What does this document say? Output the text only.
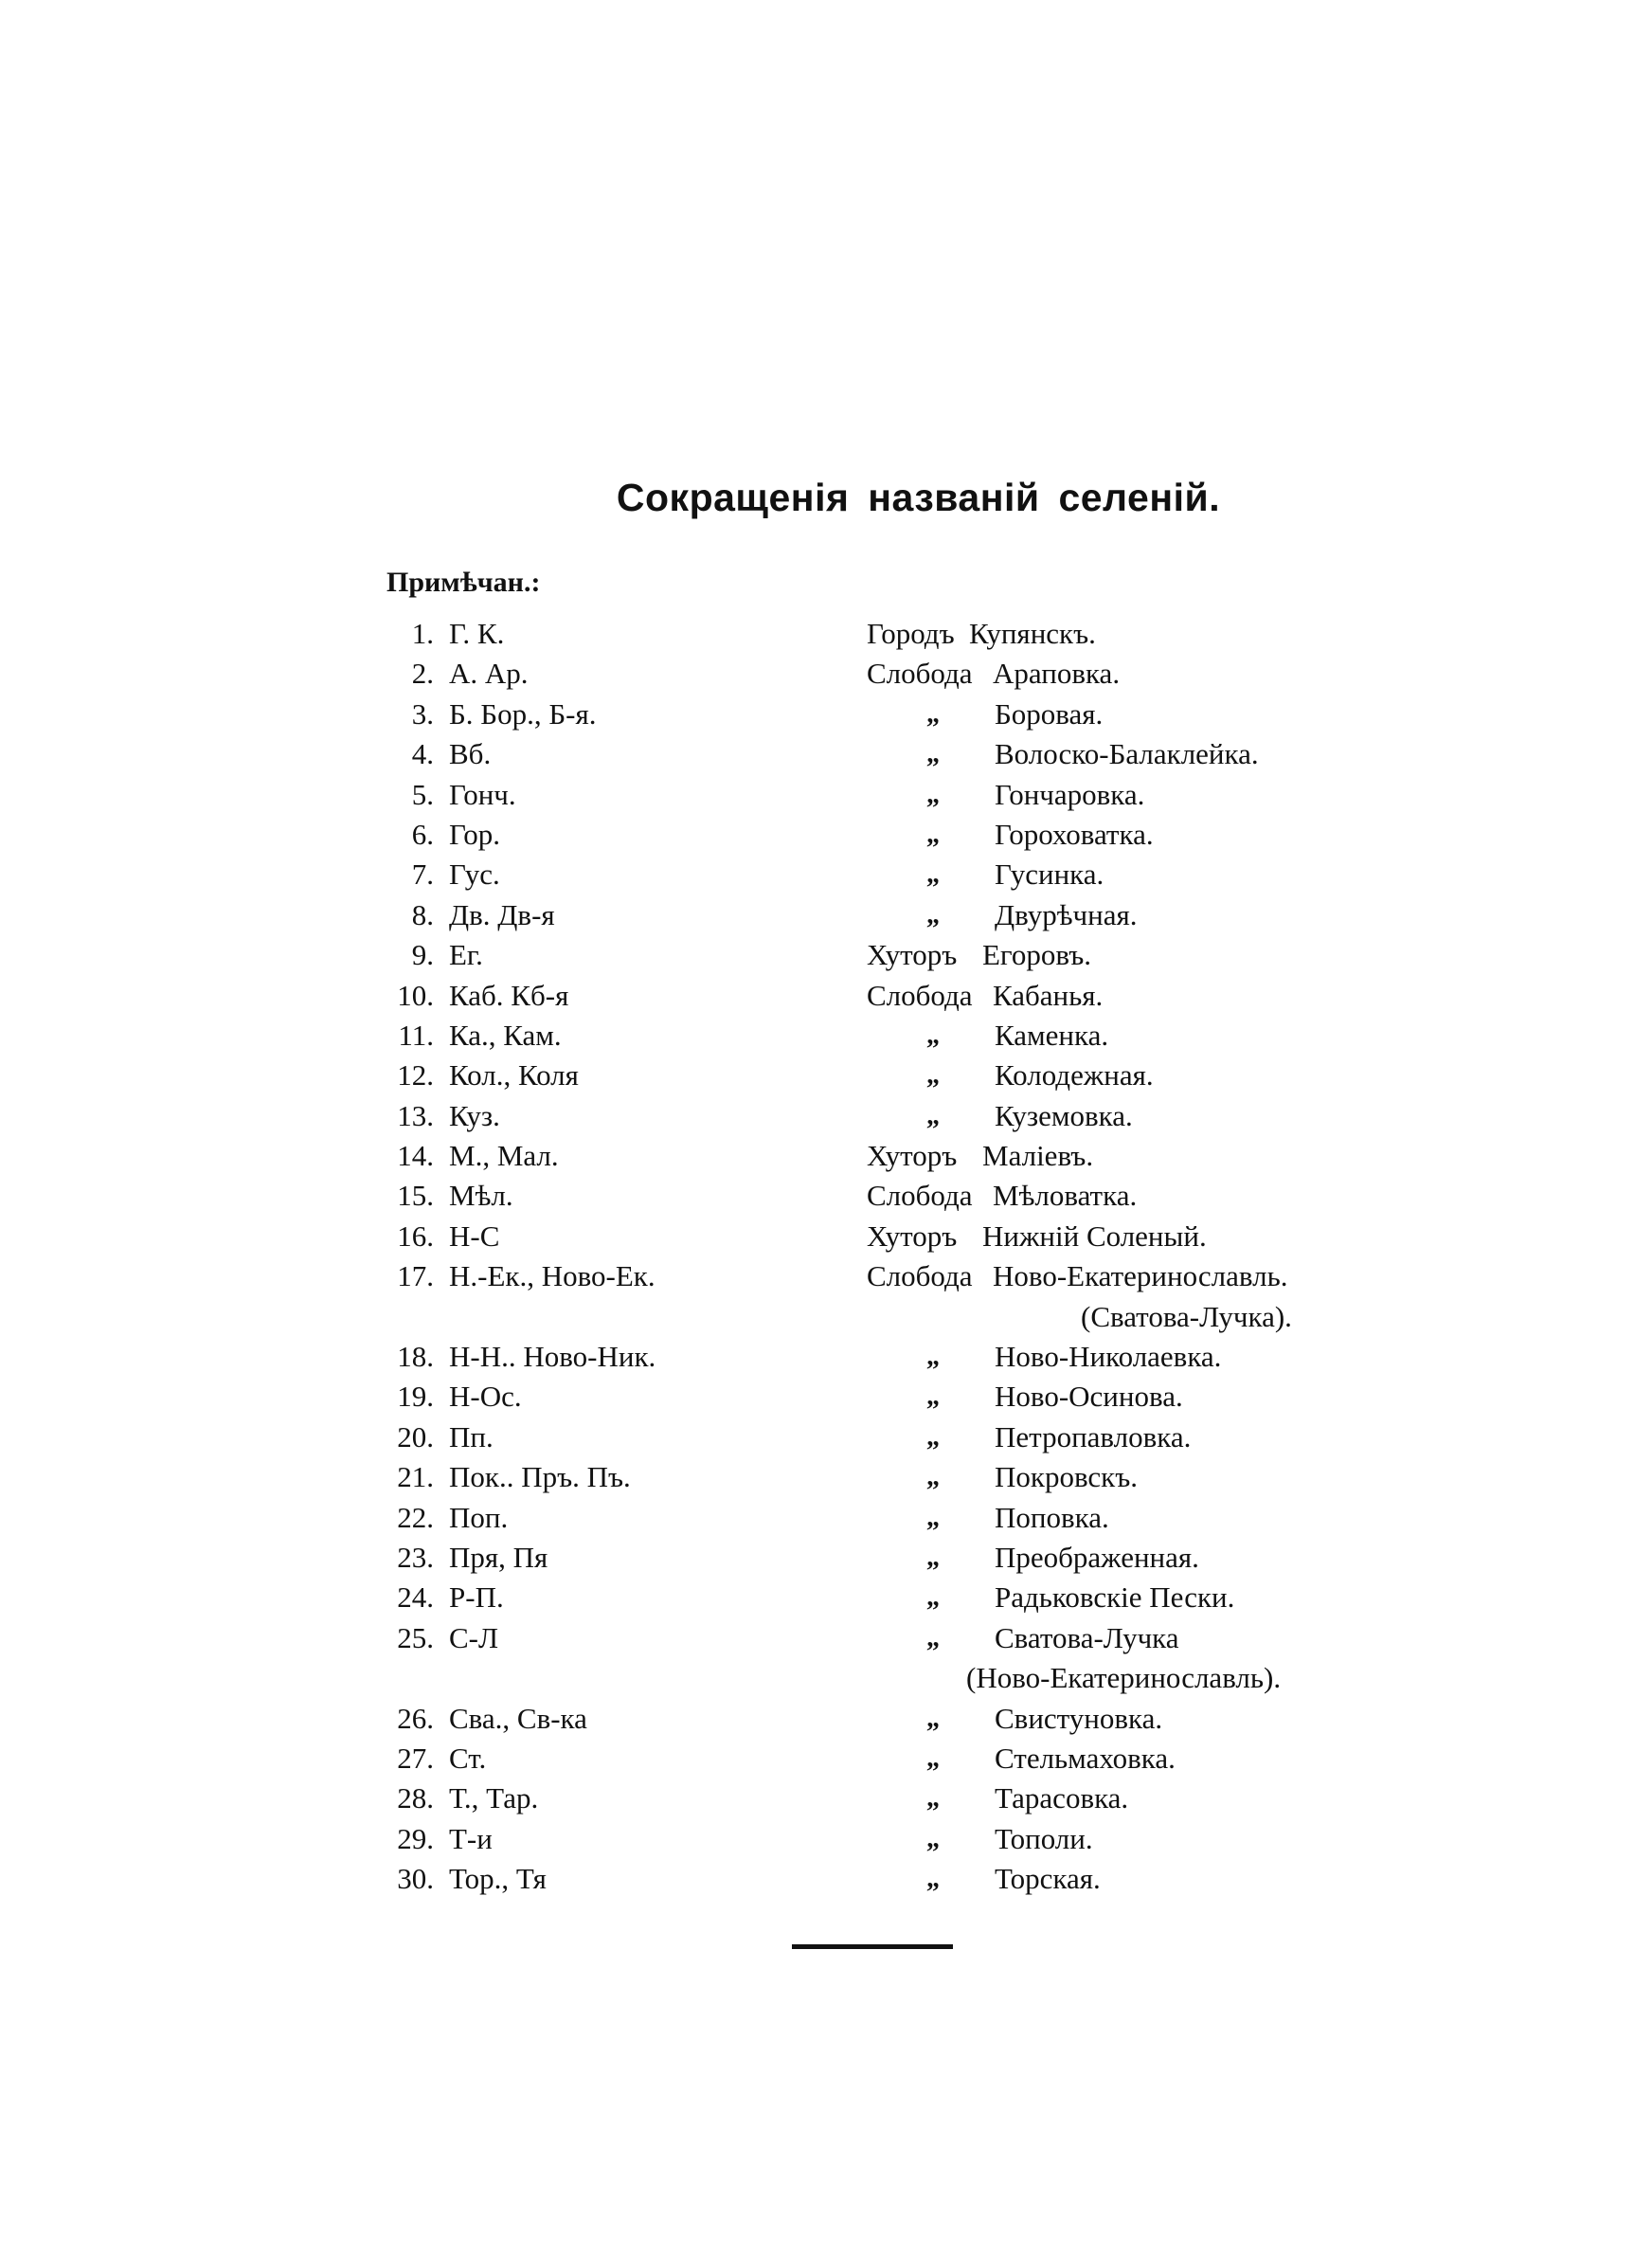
Сокращенія названій селеній.
Примѣчан.:
1. Г. К.	Городъ Купянскъ.
2. А. Ар.	Слобода Араповка.
3. Б. Бор., Б-я.	„ Боровая.
4. Вб.	„ Волоско-Балаклейка.
5. Гонч.	„ Гончаровка.
6. Гор.	„ Гороховатка.
7. Гус.	„ Гусинка.
8. Дв. Дв-я	„ Двурѣчная.
9. Ег.	Хуторъ Егоровъ.
10. Каб. Кб-я	Слобода Кабанья.
11. Ка., Кам.	„ Каменка.
12. Кол., Коля	„ Колодежная.
13. Куз.	„ Куземовка.
14. М., Мал.	Хуторъ Маліевъ.
15. Мѣл.	Слобода Мѣловатка.
16. Н-С	Хуторъ Нижній Соленый.
17. Н.-Ек., Ново-Ек.	Слобода Ново-Екатеринославль.
(Сватова-Лучка).
18. Н-Н.. Ново-Ник.	„ Ново-Николаевка.
19. Н-Ос.	„ Ново-Осинова.
20. Пп.	„ Петропавловка.
21. Пок.. Пръ. Пъ.	„ Покровскъ.
22. Поп.	„ Поповка.
23. Пря, Пя	„ Преображенная.
24. Р-П.	„ Радьковскіе Пески.
25. С-Л	„ Сватова-Лучка
(Ново-Екатеринославль).
26. Сва., Св-ка	„ Свистуновка.
27. Ст.	„ Стельмаховка.
28. Т., Тар.	„ Тарасовка.
29. Т-и	„ Тополи.
30. Тор., Тя	„ Торская.
